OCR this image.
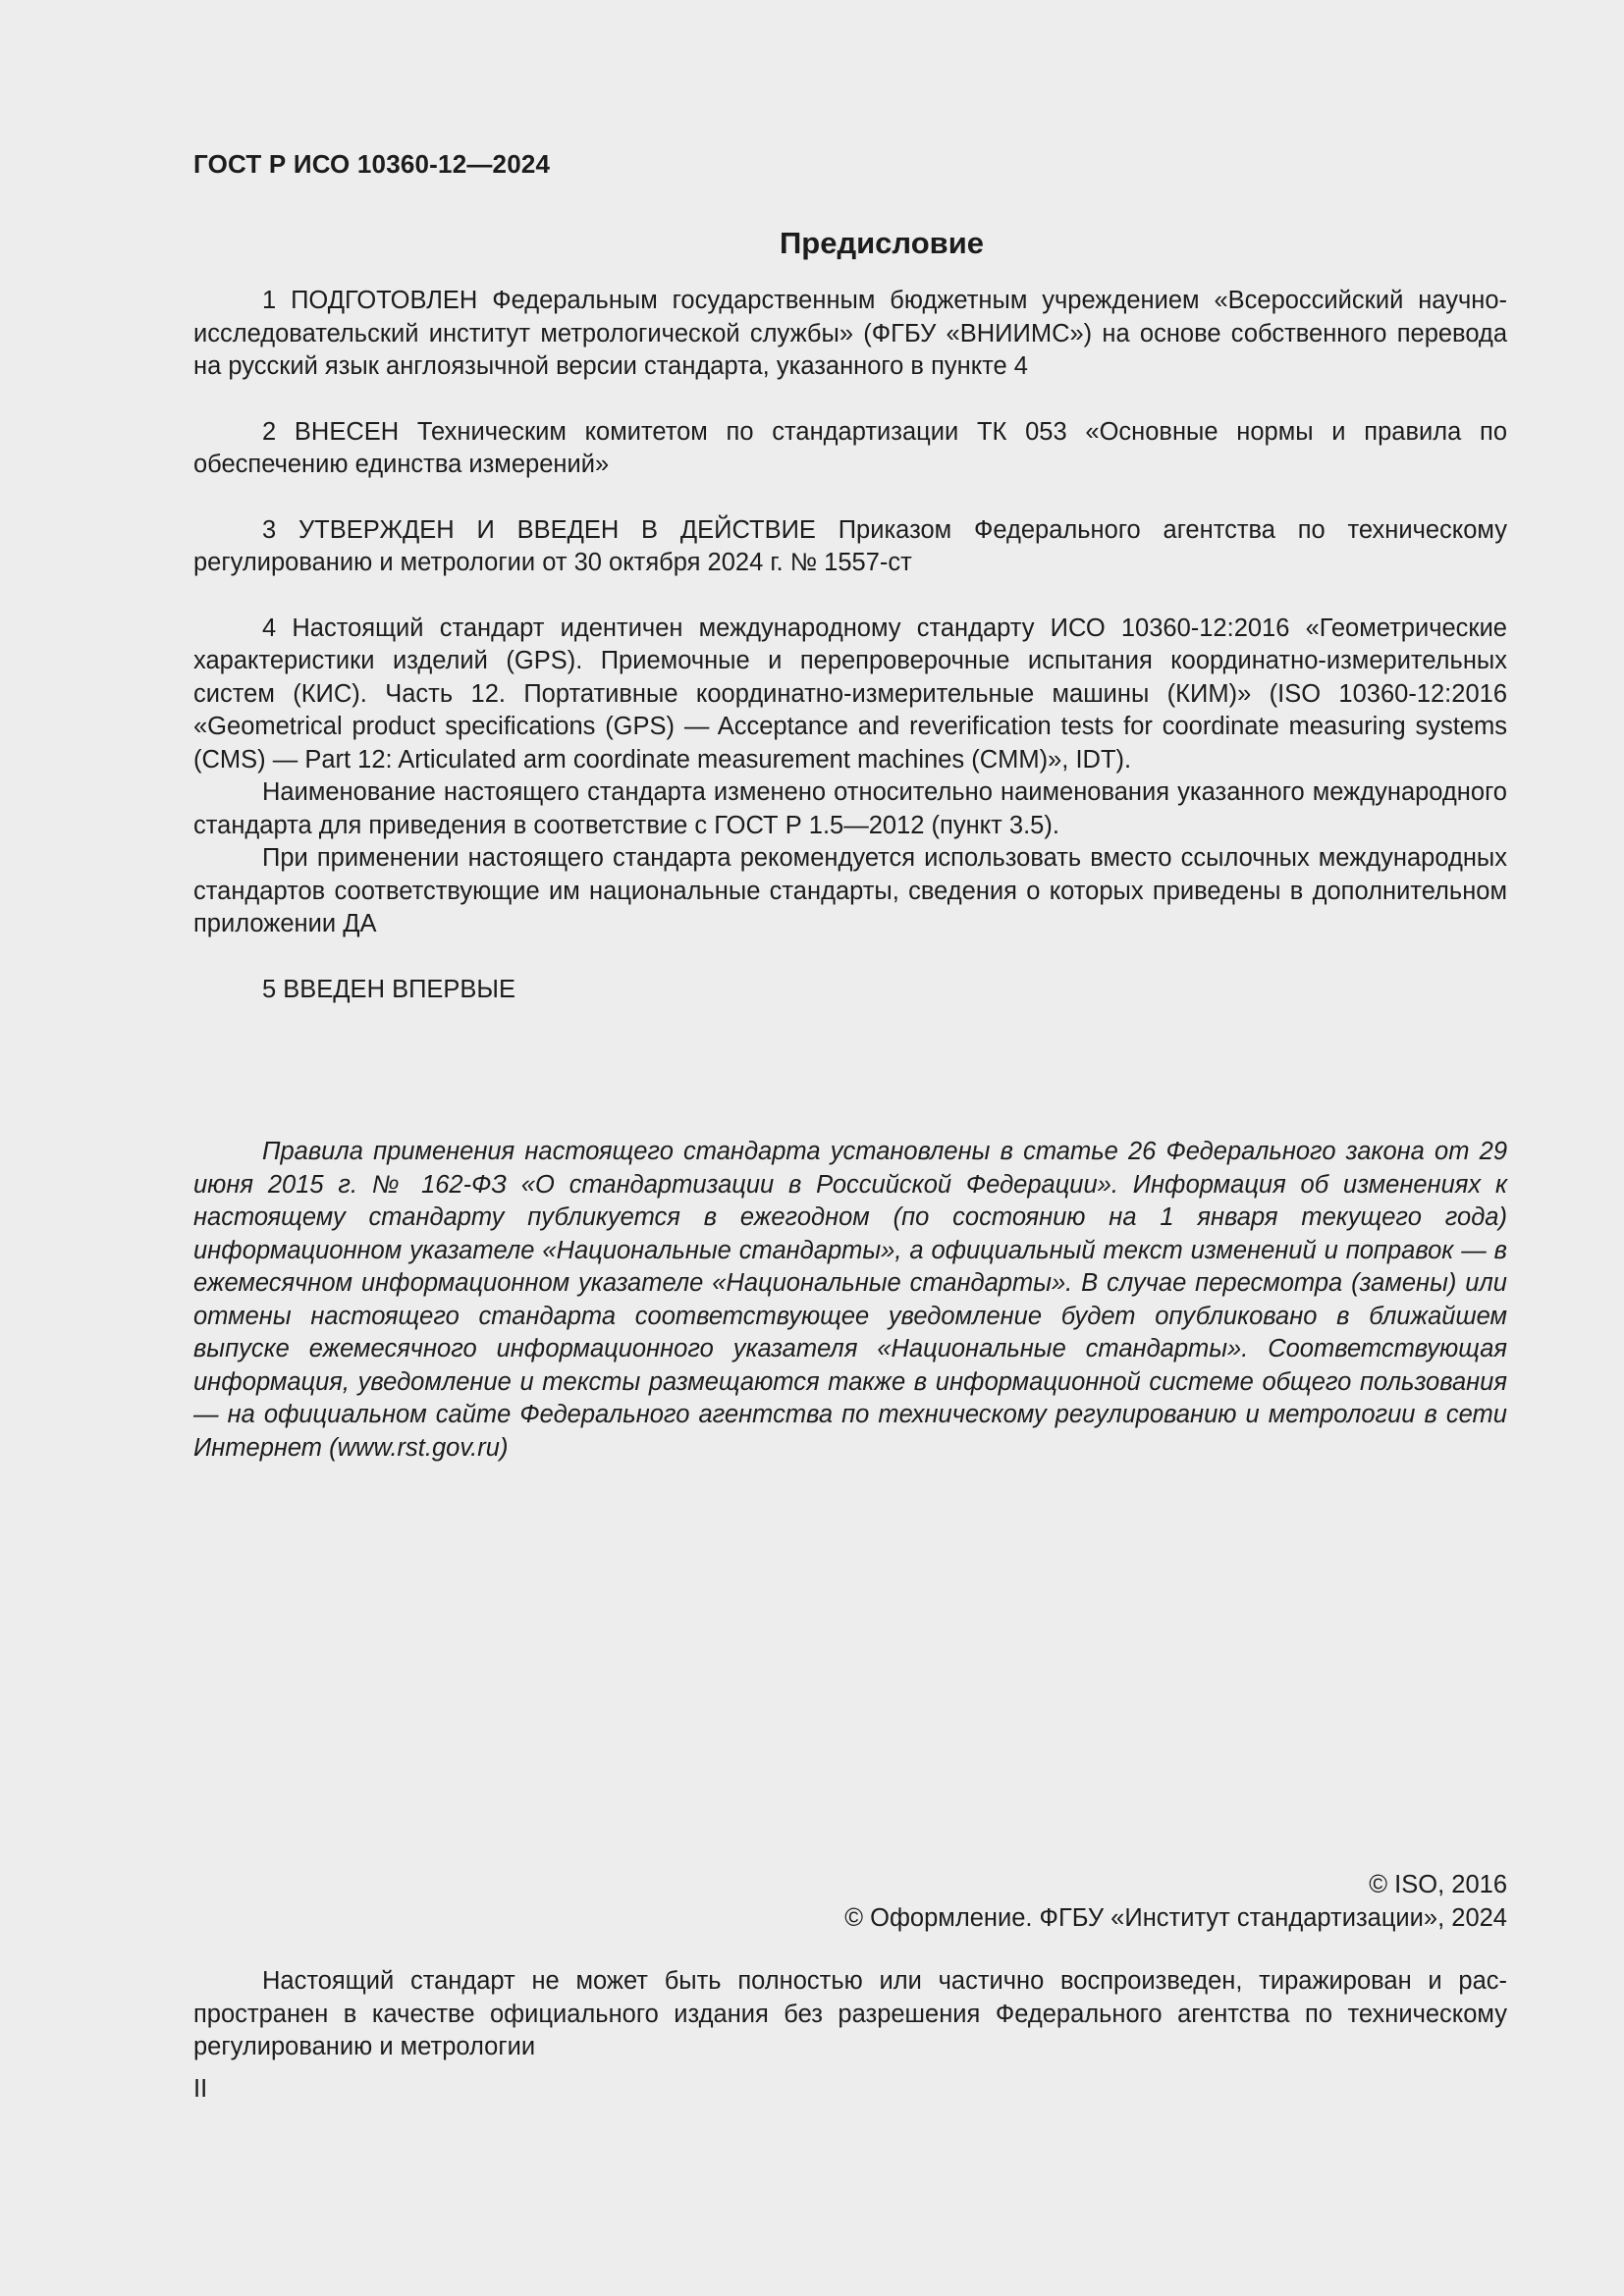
ГОСТ Р ИСО 10360-12—2024
Предисловие

1 ПОДГОТОВЛЕН Федеральным государственным бюджетным учреждением «Всероссийский научно-исследовательский институт метрологической службы» (ФГБУ «ВНИИМС») на основе собственного перевода на русский язык англоязычной версии стандарта, указанного в пункте 4

2 ВНЕСЕН Техническим комитетом по стандартизации ТК 053 «Основные нормы и правила по обеспечению единства измерений»

3 УТВЕРЖДЕН И ВВЕДЕН В ДЕЙСТВИЕ Приказом Федерального агентства по техническому регулированию и метрологии от 30 октября 2024 г. № 1557-ст

4 Настоящий стандарт идентичен международному стандарту ИСО 10360-12:2016 «Геометрические характеристики изделий (GPS). Приемочные и перепроверочные испытания координатно-измерительных систем (КИС). Часть 12. Портативные координатно-измерительные машины (КИМ)» (ISO 10360-12:2016 «Geometrical product specifications (GPS) — Acceptance and reverification tests for coordinate measuring systems (CMS) — Part 12: Articulated arm coordinate measurement machines (CMM)», IDT).

Наименование настоящего стандарта изменено относительно наименования указанного международного стандарта для приведения в соответствие с ГОСТ Р 1.5—2012 (пункт 3.5).

При применении настоящего стандарта рекомендуется использовать вместо ссылочных международных стандартов соответствующие им национальные стандарты, сведения о которых приведены в дополнительном приложении ДА

5 ВВЕДЕН ВПЕРВЫЕ

Правила применения настоящего стандарта установлены в статье 26 Федерального закона от 29 июня 2015 г. № 162-ФЗ «О стандартизации в Российской Федерации». Информация об изменениях к настоящему стандарту публикуется в ежегодном (по состоянию на 1 января текущего года) информационном указателе «Национальные стандарты», а официальный текст изменений и поправок — в ежемесячном информационном указателе «Национальные стандарты». В случае пересмотра (замены) или отмены настоящего стандарта соответствующее уведомление будет опубликовано в ближайшем выпуске ежемесячного информационного указателя «Национальные стандарты». Соответствующая информация, уведомление и тексты размещаются также в информационной системе общего пользования — на официальном сайте Федерального агентства по техническому регулированию и метрологии в сети Интернет (www.rst.gov.ru)

© ISO, 2016
© Оформление. ФГБУ «Институт стандартизации», 2024

Настоящий стандарт не может быть полностью или частично воспроизведен, тиражирован и распространен в качестве официального издания без разрешения Федерального агентства по техническому регулированию и метрологии

II
